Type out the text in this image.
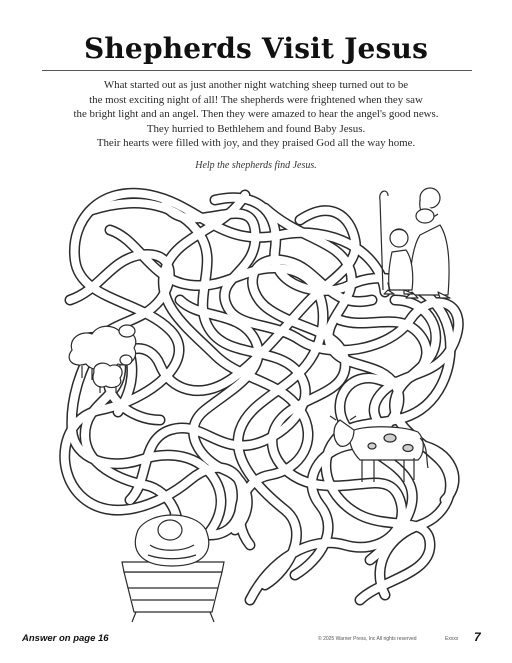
Shepherds Visit Jesus
What started out as just another night watching sheep turned out to be
the most exciting night of all! The shepherds were frightened when they saw
the bright light and an angel. Then they were amazed to hear the angel's good news.
They hurried to Bethlehem and found Baby Jesus.
Their hearts were filled with joy, and they praised God all the way home.
Help the shepherds find Jesus.
Answer on page 16	© 2025 Warner Press, Inc All rights reserved	Exxxx 7
